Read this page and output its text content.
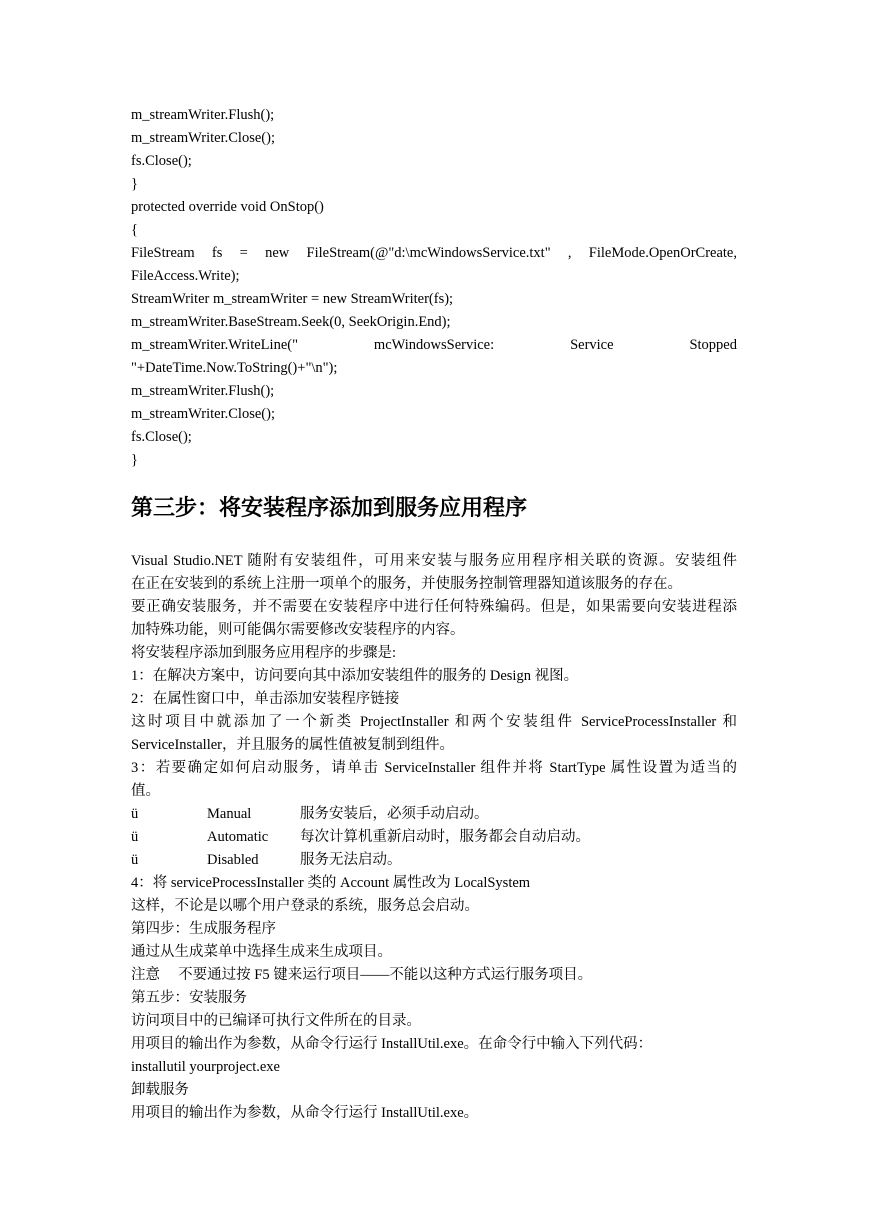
m_streamWriter.Flush();
m_streamWriter.Close();
fs.Close();
}
protected override void OnStop()
{
FileStream fs = new FileStream(@"d:\mcWindowsService.txt" , FileMode.OpenOrCreate,
FileAccess.Write);
StreamWriter m_streamWriter = new StreamWriter(fs);
m_streamWriter.BaseStream.Seek(0, SeekOrigin.End);
m_streamWriter.WriteLine(" mcWindowsService: Service Stopped
"+DateTime.Now.ToString()+"\n");
m_streamWriter.Flush();
m_streamWriter.Close();
fs.Close();
}
第三步：将安装程序添加到服务应用程序
Visual Studio.NET 随附有安装组件，可用来安装与服务应用程序相关联的资源。安装组件
在正在安装到的系统上注册一项单个的服务，并使服务控制管理器知道该服务的存在。
要正确安装服务，并不需要在安装程序中进行任何特殊编码。但是，如果需要向安装进程添
加特殊功能，则可能偶尔需要修改安装程序的内容。
将安装程序添加到服务应用程序的步骤是:
1：在解决方案中，访问要向其中添加安装组件的服务的 Design 视图。
2：在属性窗口中，单击添加安装程序链接
这时项目中就添加了一个新类 ProjectInstaller 和两个安装组件 ServiceProcessInstaller 和
ServiceInstaller，并且服务的属性值被复制到组件。
3：若要确定如何启动服务，请单击 ServiceInstaller 组件并将 StartType 属性设置为适当的
值。
ü	Manual	服务安装后，必须手动启动。
ü	Automatic	每次计算机重新启动时，服务都会自动启动。
ü	Disabled	服务无法启动。
4：将 serviceProcessInstaller 类的 Account 属性改为 LocalSystem
这样，不论是以哪个用户登录的系统，服务总会启动。
第四步：生成服务程序
通过从生成菜单中选择生成来生成项目。
注意　 不要通过按 F5 键来运行项目——不能以这种方式运行服务项目。
第五步：安装服务
访问项目中的已编译可执行文件所在的目录。
用项目的输出作为参数，从命令行运行 InstallUtil.exe。在命令行中输入下列代码：
installutil yourproject.exe
卸载服务
用项目的输出作为参数，从命令行运行 InstallUtil.exe。
